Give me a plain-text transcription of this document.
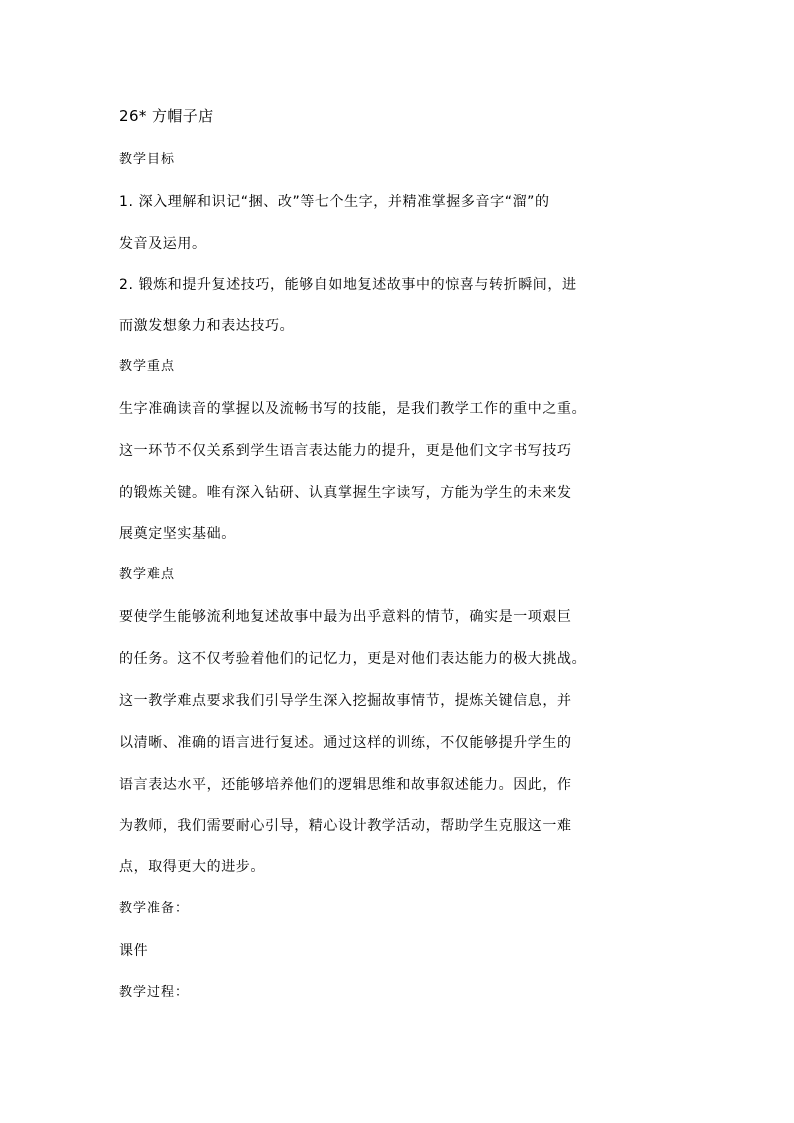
26* 方帽子店
教学目标
1. 深入理解和识记“捆、改”等七个生字，并精准掌握多音字“溜”的
发音及运用。
2. 锻炼和提升复述技巧，能够自如地复述故事中的惊喜与转折瞬间，进
而激发想象力和表达技巧。
教学重点
生字准确读音的掌握以及流畅书写的技能，是我们教学工作的重中之重。
这一环节不仅关系到学生语言表达能力的提升，更是他们文字书写技巧
的锻炼关键。唯有深入钻研、认真掌握生字读写，方能为学生的未来发
展奠定坚实基础。
教学难点
要使学生能够流利地复述故事中最为出乎意料的情节，确实是一项艰巨
的任务。这不仅考验着他们的记忆力，更是对他们表达能力的极大挑战。
这一教学难点要求我们引导学生深入挖掘故事情节，提炼关键信息，并
以清晰、准确的语言进行复述。通过这样的训练，不仅能够提升学生的
语言表达水平，还能够培养他们的逻辑思维和故事叙述能力。因此，作
为教师，我们需要耐心引导，精心设计教学活动，帮助学生克服这一难
点，取得更大的进步。
教学准备：
课件
教学过程：
